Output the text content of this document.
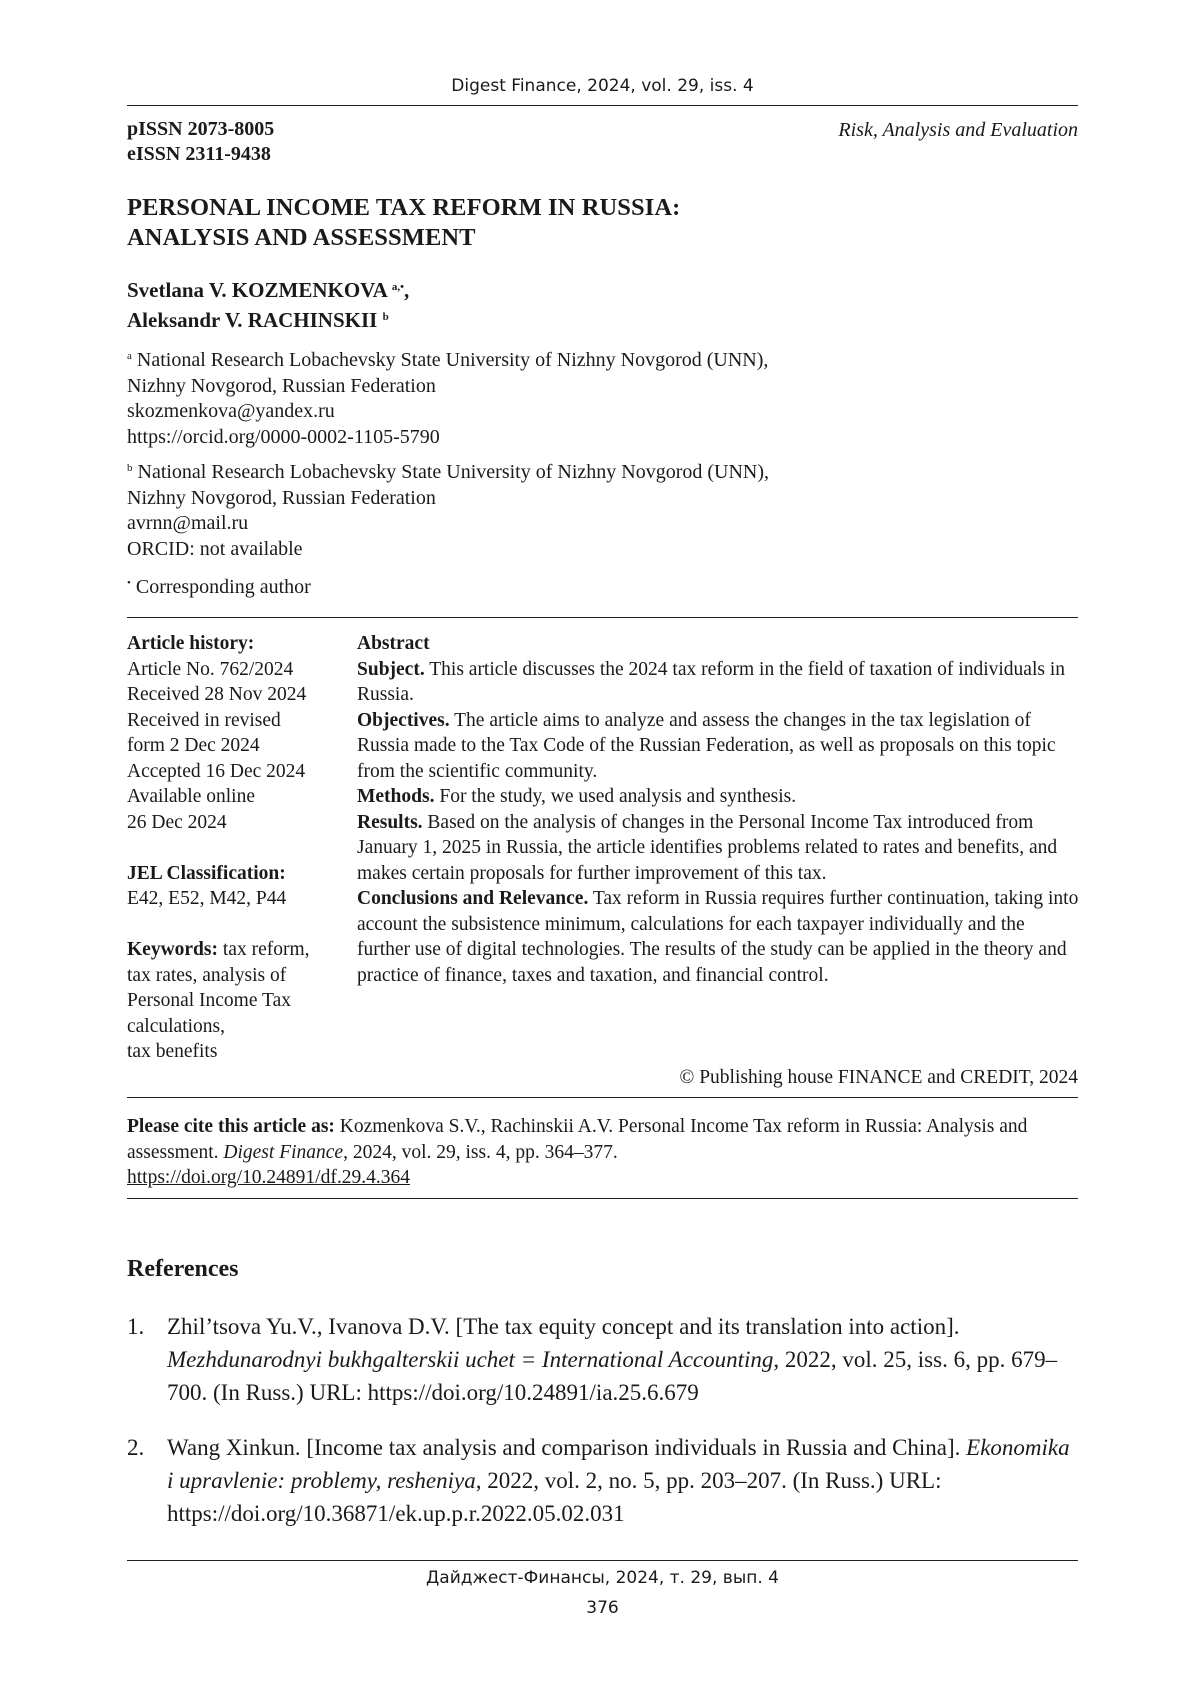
Digest Finance, 2024, vol. 29, iss. 4
pISSN 2073-8005
eISSN 2311-9438
Risk, Analysis and Evaluation
PERSONAL INCOME TAX REFORM IN RUSSIA:
ANALYSIS AND ASSESSMENT
Svetlana V. KOZMENKOVA $^{a,•}$,
Aleksandr V. RACHINSKII $^b$
$^a$ National Research Lobachevsky State University of Nizhny Novgorod (UNN),
Nizhny Novgorod, Russian Federation
skozmenkova@yandex.ru
https://orcid.org/0000-0002-1105-5790
$^b$ National Research Lobachevsky State University of Nizhny Novgorod (UNN),
Nizhny Novgorod, Russian Federation
avrnn@mail.ru
ORCID: not available
• Corresponding author
Article history:
Article No. 762/2024
Received 28 Nov 2024
Received in revised
form 2 Dec 2024
Accepted 16 Dec 2024
Available online
26 Dec 2024
JEL Classification:
E42, E52, M42, P44
Keywords: tax reform,
tax rates, analysis of
Personal Income Tax
calculations,
tax benefits
Abstract
Subject. This article discusses the 2024 tax reform in the field of taxation of individuals in Russia.
Objectives. The article aims to analyze and assess the changes in the tax legislation of Russia made to the Tax Code of the Russian Federation, as well as proposals on this topic from the scientific community.
Methods. For the study, we used analysis and synthesis.
Results. Based on the analysis of changes in the Personal Income Tax introduced from January 1, 2025 in Russia, the article identifies problems related to rates and benefits, and makes certain proposals for further improvement of this tax.
Conclusions and Relevance. Tax reform in Russia requires further continuation, taking into account the subsistence minimum, calculations for each taxpayer individually and the further use of digital technologies. The results of the study can be applied in the theory and practice of finance, taxes and taxation, and financial control.
© Publishing house FINANCE and CREDIT, 2024
Please cite this article as: Kozmenkova S.V., Rachinskii A.V. Personal Income Tax reform in Russia: Analysis and assessment. Digest Finance, 2024, vol. 29, iss. 4, pp. 364–377.
https://doi.org/10.24891/df.29.4.364
References
1. Zhil’tsova Yu.V., Ivanova D.V. [The tax equity concept and its translation into action]. Mezhdunarodnyi bukhgalterskii uchet = International Accounting, 2022, vol. 25, iss. 6, pp. 679–700. (In Russ.) URL: https://doi.org/10.24891/ia.25.6.679
2. Wang Xinkun. [Income tax analysis and comparison individuals in Russia and China]. Ekonomika i upravlenie: problemy, resheniya, 2022, vol. 2, no. 5, pp. 203–207. (In Russ.) URL: https://doi.org/10.36871/ek.up.p.r.2022.05.02.031
Дайджест-Финансы, 2024, т. 29, вып. 4
376
